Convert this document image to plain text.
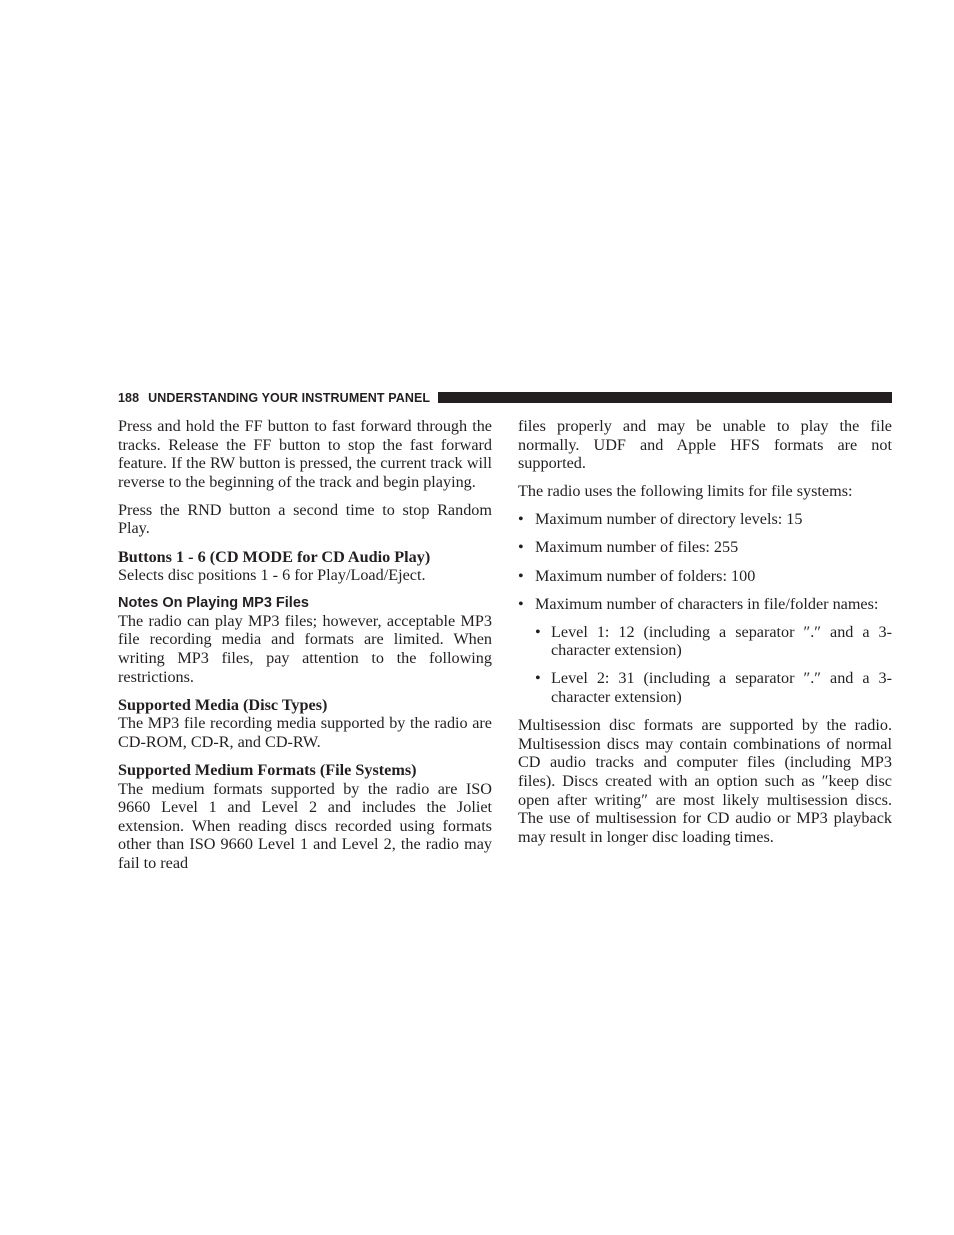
188 UNDERSTANDING YOUR INSTRUMENT PANEL

Press and hold the FF button to fast forward through the tracks. Release the FF button to stop the fast forward feature. If the RW button is pressed, the current track will reverse to the beginning of the track and begin playing.

Press the RND button a second time to stop Random Play.

Buttons 1 - 6 (CD MODE for CD Audio Play)

Selects disc positions 1 - 6 for Play/Load/Eject.

Notes On Playing MP3 Files

The radio can play MP3 files; however, acceptable MP3 file recording media and formats are limited. When writing MP3 files, pay attention to the following restrictions.

Supported Media (Disc Types)

The MP3 file recording media supported by the radio are CD-ROM, CD-R, and CD-RW.

Supported Medium Formats (File Systems)

The medium formats supported by the radio are ISO 9660 Level 1 and Level 2 and includes the Joliet extension. When reading discs recorded using formats other than ISO 9660 Level 1 and Level 2, the radio may fail to read

files properly and may be unable to play the file normally. UDF and Apple HFS formats are not supported.

The radio uses the following limits for file systems:

• Maximum number of directory levels: 15
• Maximum number of files: 255
• Maximum number of folders: 100
• Maximum number of characters in file/folder names:
• Level 1: 12 (including a separator ″.″ and a 3-character extension)
• Level 2: 31 (including a separator ″.″ and a 3-character extension)

Multisession disc formats are supported by the radio. Multisession discs may contain combinations of normal CD audio tracks and computer files (including MP3 files). Discs created with an option such as ″keep disc open after writing″ are most likely multisession discs. The use of multisession for CD audio or MP3 playback may result in longer disc loading times.
